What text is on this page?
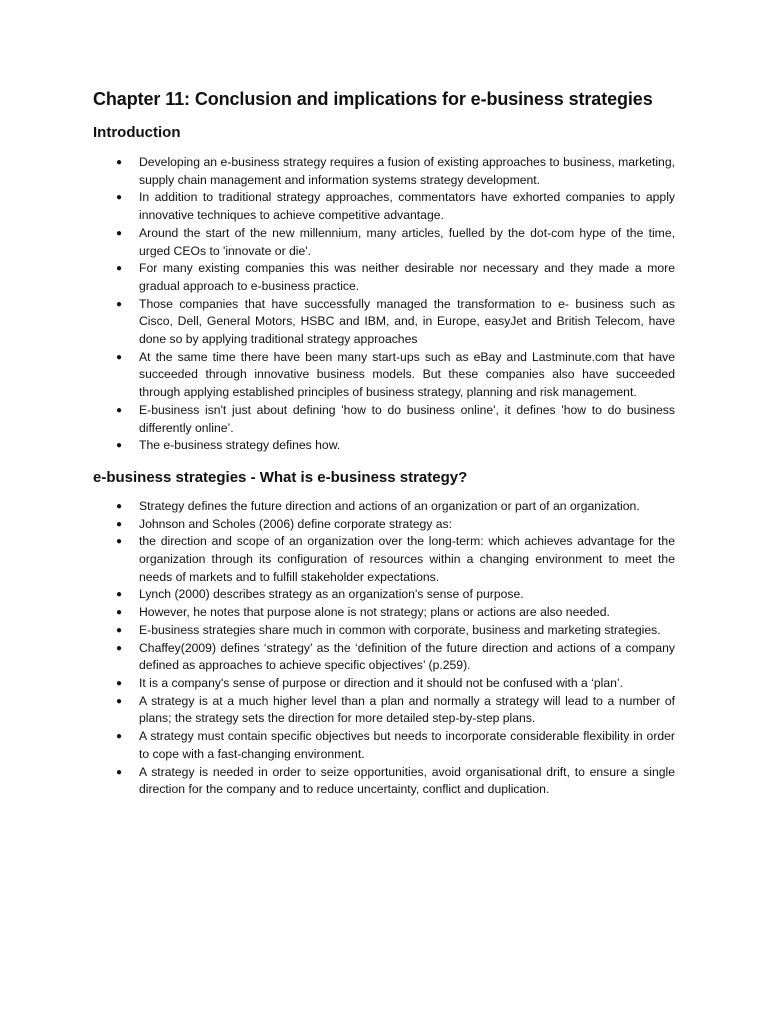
Chapter 11: Conclusion and implications for e-business strategies
Introduction
● Developing an e-business strategy requires a fusion of existing approaches to business, marketing, supply chain management and information systems strategy development.
● In addition to traditional strategy approaches, commentators have exhorted companies to apply innovative techniques to achieve competitive advantage.
● Around the start of the new millennium, many articles, fuelled by the dot-com hype of the time, urged CEOs to 'innovate or die'.
● For many existing companies this was neither desirable nor necessary and they made a more gradual approach to e-business practice.
● Those companies that have successfully managed the transformation to e- business such as Cisco, Dell, General Motors, HSBC and IBM, and, in Europe, easyJet and British Telecom, have done so by applying traditional strategy approaches
● At the same time there have been many start-ups such as eBay and Lastminute.com that have succeeded through innovative business models. But these companies also have succeeded through applying established principles of business strategy, planning and risk management.
● E-business isn't just about defining 'how to do business online', it defines 'how to do business differently online’.
● The e-business strategy defines how.
e-business strategies - What is e-business strategy?
● Strategy defines the future direction and actions of an organization or part of an organization.
● Johnson and Scholes (2006) define corporate strategy as:
● the direction and scope of an organization over the long-term: which achieves advantage for the organization through its configuration of resources within a changing environment to meet the needs of markets and to fulfill stakeholder expectations.
● Lynch (2000) describes strategy as an organization's sense of purpose.
● However, he notes that purpose alone is not strategy; plans or actions are also needed.
● E-business strategies share much in common with corporate, business and marketing strategies.
● Chaffey(2009) defines ‘strategy’ as the ‘definition of the future direction and actions of a company defined as approaches to achieve specific objectives’ (p.259).
● It is a company's sense of purpose or direction and it should not be confused with a ‘plan’.
● A strategy is at a much higher level than a plan and normally a strategy will lead to a number of plans; the strategy sets the direction for more detailed step-by-step plans.
● A strategy must contain specific objectives but needs to incorporate considerable flexibility in order to cope with a fast-changing environment.
● A strategy is needed in order to seize opportunities, avoid organisational drift, to ensure a single direction for the company and to reduce uncertainty, conflict and duplication.
